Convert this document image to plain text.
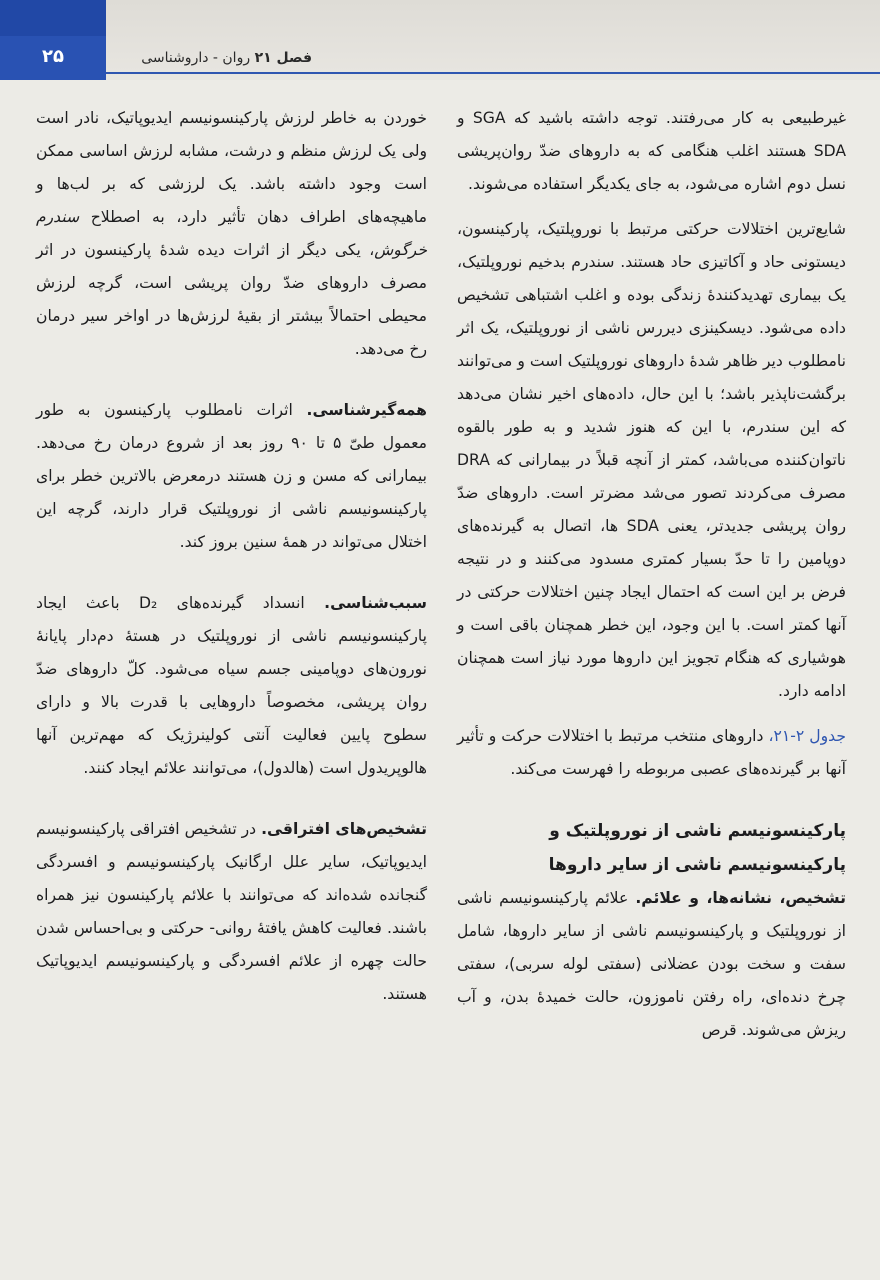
۲۵	فصل ۲۱ روان - داروشناسی

غیرطبیعی به کار می‌رفتند. توجه داشته باشید که SGA و SDA هستند اغلب هنگامی که به داروهای ضدّ روان‌پریشی نسل دوم اشاره می‌شود، به جای یکدیگر استفاده می‌شوند.

شایع‌ترین اختلالات حرکتی مرتبط با نوروپلتیک، پارکینسون، دیستونی حاد و آکاتیزی حاد هستند. سندرم بدخیم نوروپلتیک، یک بیماری تهدیدکنندهٔ زندگی بوده و اغلب اشتباهی تشخیص داده می‌شود. دیسکینزی دیررس ناشی از نوروپلتیک، یک اثر نامطلوب دیر ظاهر شدهٔ داروهای نوروپلتیک است و می‌توانند برگشت‌ناپذیر باشد؛ با این حال، داده‌های اخیر نشان می‌دهد که این سندرم، با این که هنوز شدید و به طور بالقوه ناتوان‌کننده می‌باشد، کمتر از آنچه قبلاً در بیمارانی که DRA مصرف می‌کردند تصور می‌شد مضرتر است. داروهای ضدّ روان پریشی جدیدتر، یعنی SDA ها، اتصال به گیرنده‌های دوپامین را تا حدّ بسیار کمتری مسدود می‌کنند و در نتیجه فرض بر این است که احتمال ایجاد چنین اختلالات حرکتی در آنها کمتر است. با این وجود، این خطر همچنان باقی است و هوشیاری که هنگام تجویز این داروها مورد نیاز است همچنان ادامه دارد.

جدول ۲-۲۱، داروهای منتخب مرتبط با اختلالات حرکت و تأثیر آنها بر گیرنده‌های عصبی مربوطه را فهرست می‌کند.

پارکینسونیسم ناشی از نوروپلتیک و
پارکینسونیسم ناشی از سایر داروها

تشخیص، نشانه‌ها، و علائم. علائم پارکینسونیسم ناشی از نوروپلتیک و پارکینسونیسم ناشی از سایر داروها، شامل سفت و سخت بودن عضلانی (سفتی لوله سربی)، سفتی چرخ دنده‌ای، راه رفتن ناموزون، حالت خمیدهٔ بدن، و آب ریزش می‌شوند. قرص

خوردن به خاطر لرزش پارکینسونیسم ایدیوپاتیک، نادر است ولی یک لرزش منظم و درشت، مشابه لرزش اساسی ممکن است وجود داشته باشد. یک لرزشی که بر لب‌ها و ماهیچه‌های اطراف دهان تأثیر دارد، به اصطلاح سندرم خرگوش، یکی دیگر از اثرات دیده شدهٔ پارکینسون در اثر مصرف داروهای ضدّ روان پریشی است، گرچه لرزش محیطی احتمالاً بیشتر از بقیهٔ لرزش‌ها در اواخر سیر درمان رخ می‌دهد.

همه‌گیرشناسی. اثرات نامطلوب پارکینسون به طور معمول طیّ ۵ تا ۹۰ روز بعد از شروع درمان رخ می‌دهد. بیمارانی که مسن و زن هستند درمعرض بالاترین خطر برای پارکینسونیسم ناشی از نوروپلتیک قرار دارند، گرچه این اختلال می‌تواند در همهٔ سنین بروز کند.

سبب‌شناسی. انسداد گیرنده‌های D₂ باعث ایجاد پارکینسونیسم ناشی از نوروپلتیک در هستهٔ دم‌دار پایانهٔ نورون‌های دوپامینی جسم سیاه می‌شود. کلّ داروهای ضدّ روان پریشی، مخصوصاً داروهایی با قدرت بالا و دارای سطوح پایین فعالیت آنتی کولینرژیک که مهم‌ترین آنها هالوپریدول است (هالدول)، می‌توانند علائم ایجاد کنند.

تشخیص‌های افتراقی. در تشخیص افتراقی پارکینسونیسم ایدیوپاتیک، سایر علل ارگانیک پارکینسونیسم و افسردگی گنجانده شده‌اند که می‌توانند با علائم پارکینسون نیز همراه باشند. فعالیت کاهش یافتهٔ روانی- حرکتی و بی‌احساس شدن حالت چهره از علائم افسردگی و پارکینسونیسم ایدیوپاتیک هستند.
